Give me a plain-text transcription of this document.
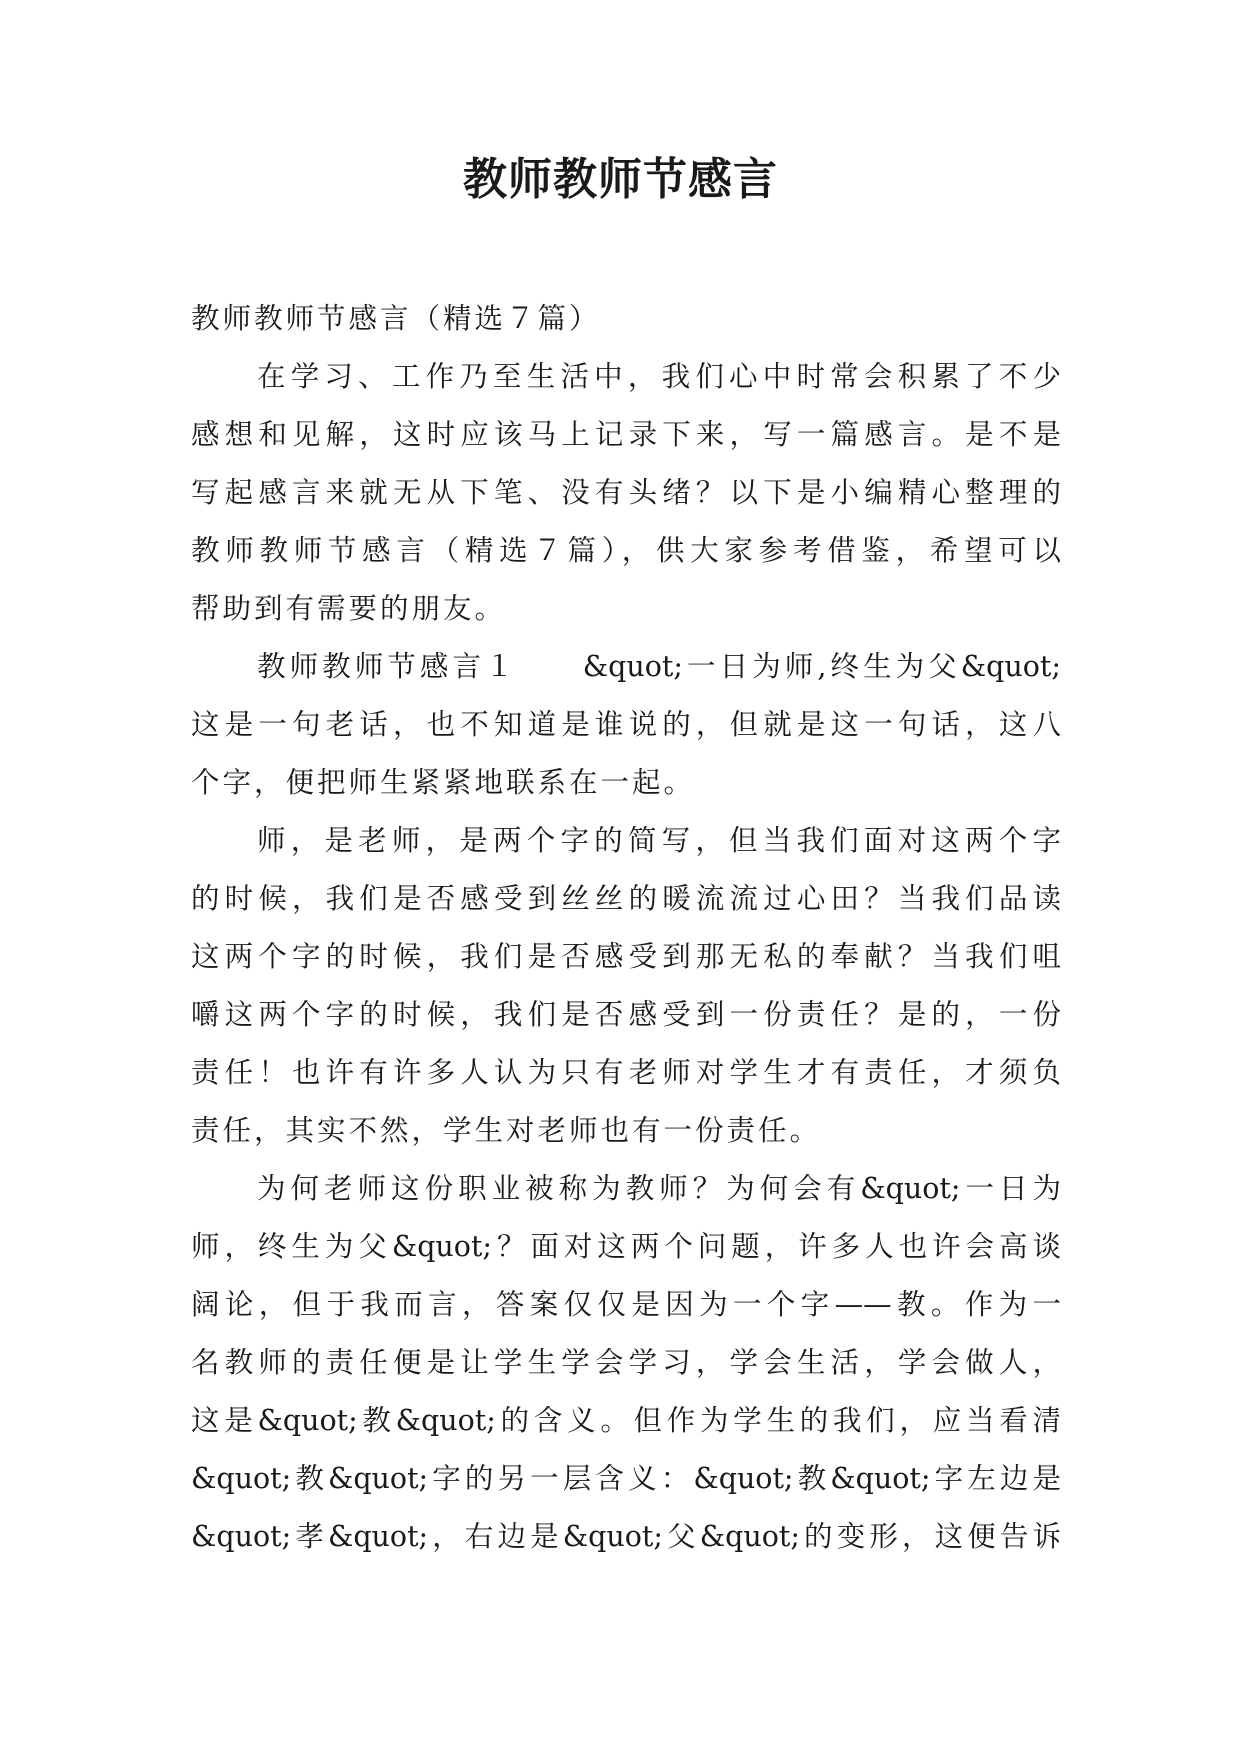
教师教师节感言
教师教师节感言（精选７篇）
在学习、工作乃至生活中，我们心中时常会积累了不少
感想和见解，这时应该马上记录下来，写一篇感言。是不是
写起感言来就无从下笔、没有头绪？以下是小编精心整理的
教师教师节感言（精选７篇），供大家参考借鉴，希望可以
帮助到有需要的朋友。
教师教师节感言１　　&quot;一日为师,终生为父&quot;
这是一句老话，也不知道是谁说的，但就是这一句话，这八
个字，便把师生紧紧地联系在一起。
师，是老师，是两个字的简写，但当我们面对这两个字
的时候，我们是否感受到丝丝的暖流流过心田？当我们品读
这两个字的时候，我们是否感受到那无私的奉献？当我们咀
嚼这两个字的时候，我们是否感受到一份责任？是的，一份
责任！也许有许多人认为只有老师对学生才有责任，才须负
责任，其实不然，学生对老师也有一份责任。
为何老师这份职业被称为教师？为何会有&quot;一日为
师，终生为父&quot;？面对这两个问题，许多人也许会高谈
阔论，但于我而言，答案仅仅是因为一个字——教。作为一
名教师的责任便是让学生学会学习，学会生活，学会做人，
这是&quot;教&quot;的含义。但作为学生的我们，应当看清
&quot;教&quot;字的另一层含义：&quot;教&quot;字左边是
&quot;孝&quot;，右边是&quot;父&quot;的变形，这便告诉
